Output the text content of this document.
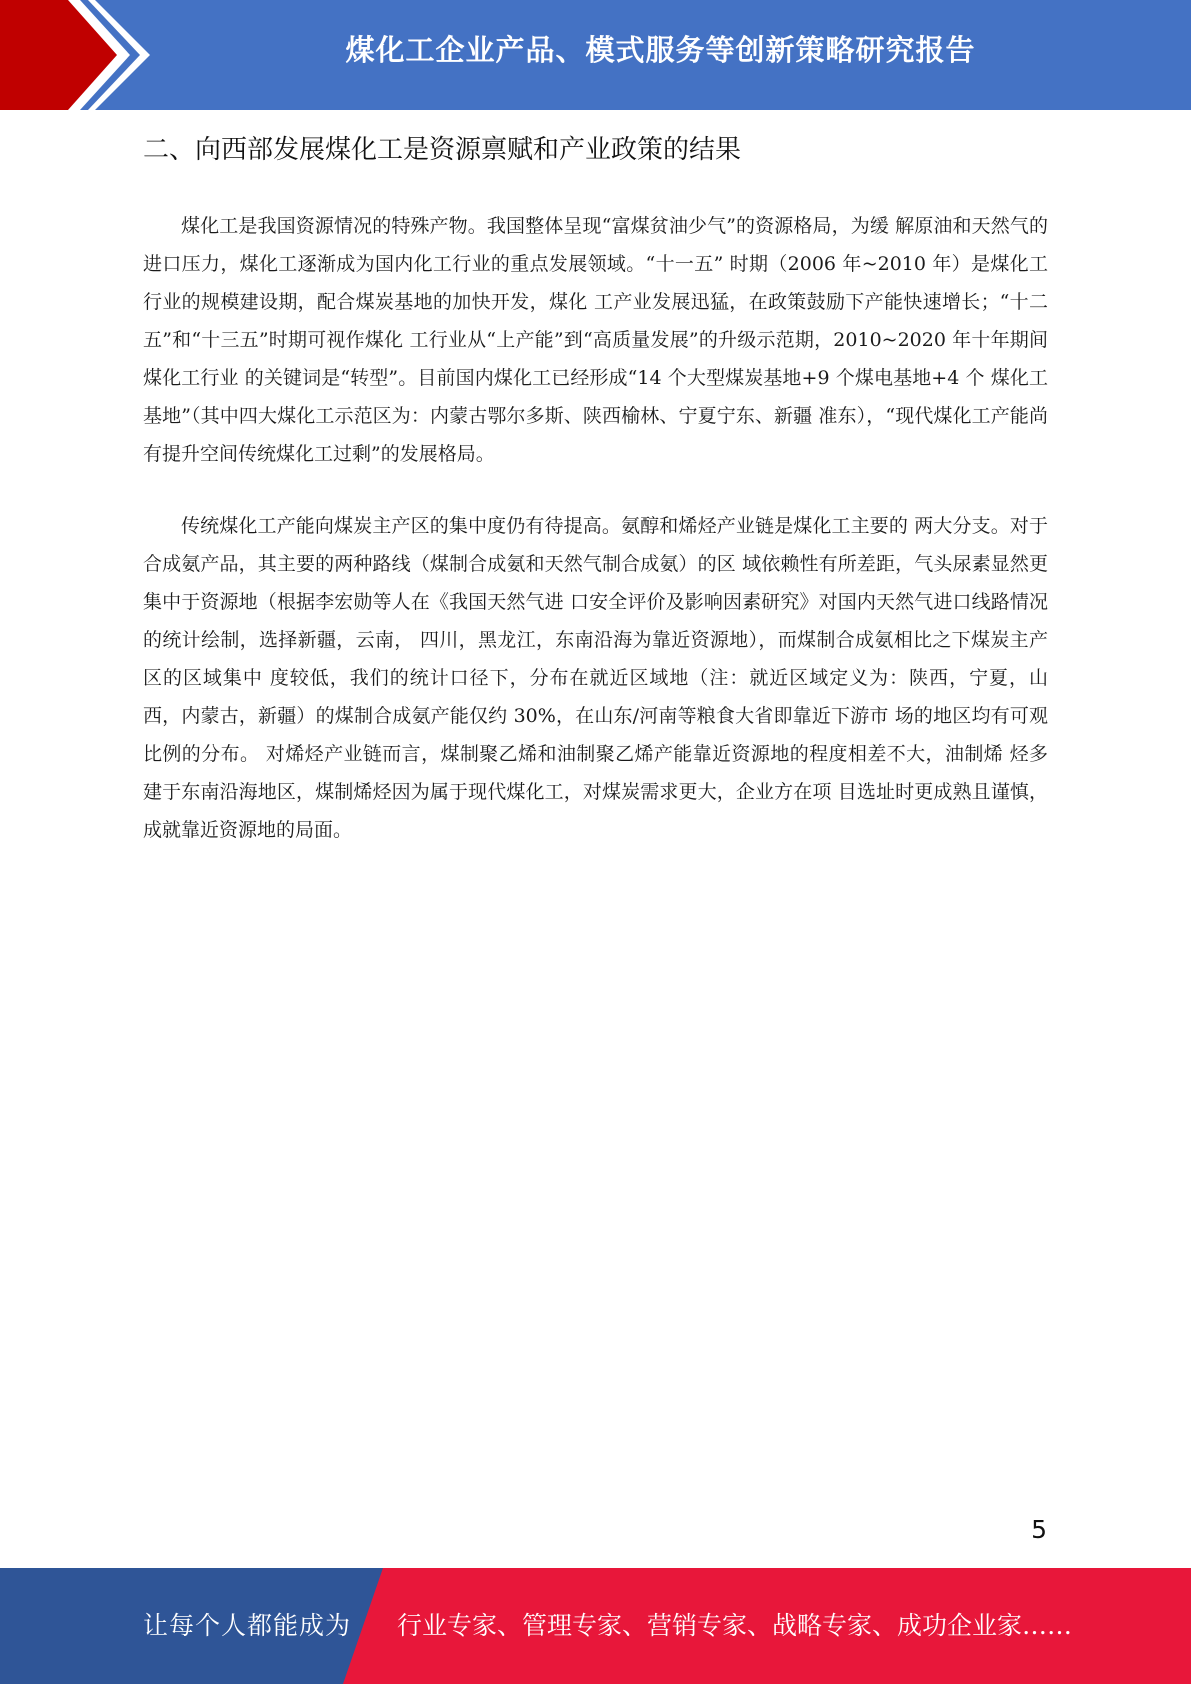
煤化工企业产品、模式服务等创新策略研究报告
二、向西部发展煤化工是资源禀赋和产业政策的结果

煤化工是我国资源情况的特殊产物。我国整体呈现“富煤贫油少气”的资源格局，为缓 解原油和天然气的进口压力，煤化工逐渐成为国内化工行业的重点发展领域。“十一五” 时期（2006 年~2010 年）是煤化工行业的规模建设期，配合煤炭基地的加快开发，煤化 工产业发展迅猛，在政策鼓励下产能快速增长；“十二五”和“十三五”时期可视作煤化 工行业从“上产能”到“高质量发展”的升级示范期，2010~2020 年十年期间煤化工行业 的关键词是“转型”。目前国内煤化工已经形成“14 个大型煤炭基地+9 个煤电基地+4 个 煤化工基地”（其中四大煤化工示范区为：内蒙古鄂尔多斯、陕西榆林、宁夏宁东、新疆 准东），“现代煤化工产能尚有提升空间传统煤化工过剩”的发展格局。

传统煤化工产能向煤炭主产区的集中度仍有待提高。氨醇和烯烃产业链是煤化工主要的 两大分支。对于合成氨产品，其主要的两种路线（煤制合成氨和天然气制合成氨）的区 域依赖性有所差距，气头尿素显然更集中于资源地（根据李宏勋等人在《我国天然气进 口安全评价及影响因素研究》对国内天然气进口线路情况的统计绘制，选择新疆，云南， 四川，黑龙江，东南沿海为靠近资源地），而煤制合成氨相比之下煤炭主产区的区域集中 度较低，我们的统计口径下，分布在就近区域地（注：就近区域定义为：陕西，宁夏，山 西，内蒙古，新疆）的煤制合成氨产能仅约 30%，在山东/河南等粮食大省即靠近下游市 场的地区均有可观比例的分布。 对烯烃产业链而言，煤制聚乙烯和油制聚乙烯产能靠近资源地的程度相差不大，油制烯 烃多建于东南沿海地区，煤制烯烃因为属于现代煤化工，对煤炭需求更大，企业方在项 目选址时更成熟且谨慎，成就靠近资源地的局面。

5
让每个人都能成为 行业专家、管理专家、营销专家、战略专家、成功企业家……
